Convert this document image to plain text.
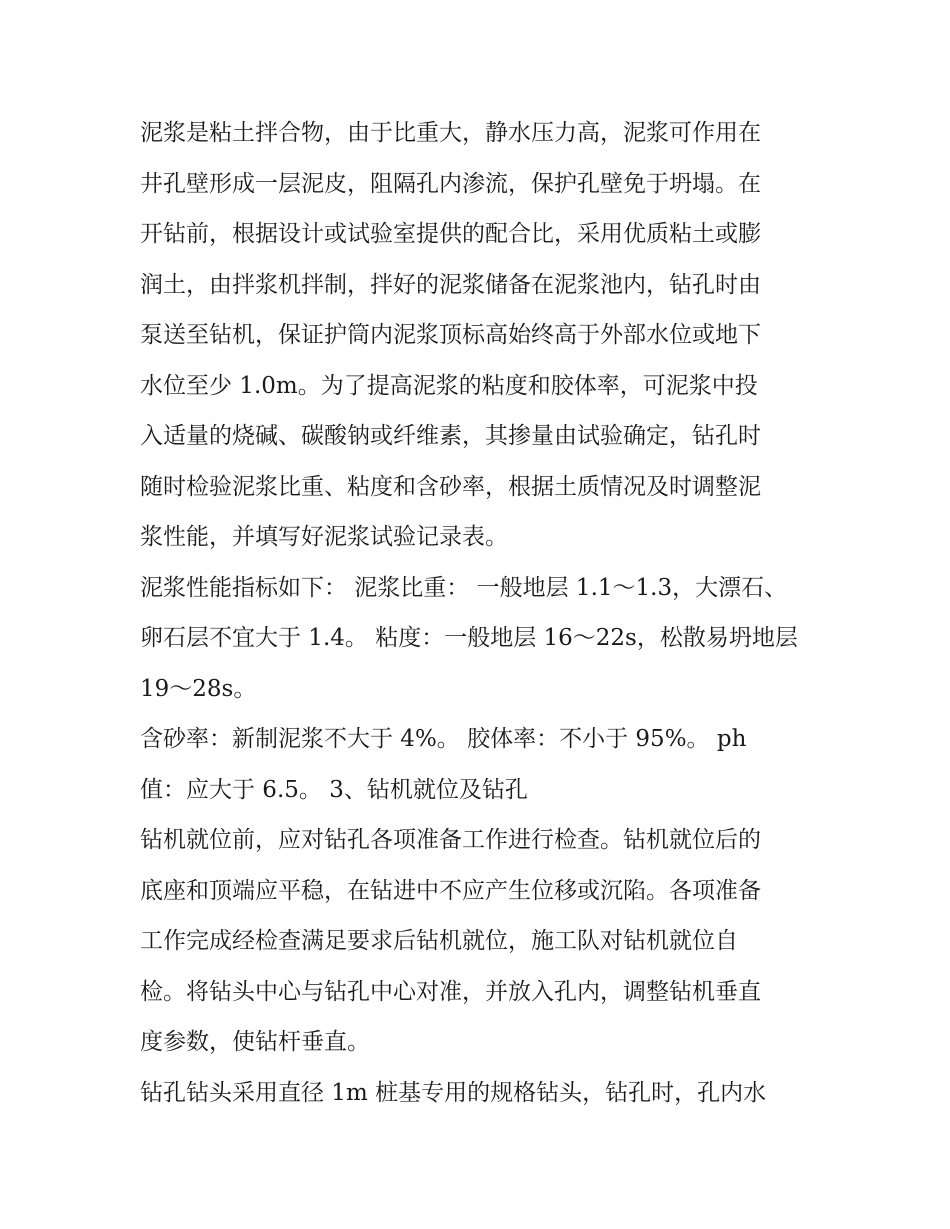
泥浆是粘土拌合物，由于比重大，静水压力高，泥浆可作用在
井孔壁形成一层泥皮，阻隔孔内渗流，保护孔壁免于坍塌。在
开钻前，根据设计或试验室提供的配合比，采用优质粘土或膨
润土，由拌浆机拌制，拌好的泥浆储备在泥浆池内，钻孔时由
泵送至钻机，保证护筒内泥浆顶标高始终高于外部水位或地下
水位至少 1.0m。为了提高泥浆的粘度和胶体率，可泥浆中投
入适量的烧碱、碳酸钠或纤维素，其掺量由试验确定，钻孔时
随时检验泥浆比重、粘度和含砂率，根据土质情况及时调整泥
浆性能，并填写好泥浆试验记录表。
泥浆性能指标如下： 泥浆比重： 一般地层 1.1～1.3，大漂石、
卵石层不宜大于 1.4。 粘度：一般地层 16～22s，松散易坍地层
19～28s。
含砂率：新制泥浆不大于 4%。 胶体率：不小于 95%。 ph
值：应大于 6.5。 3、钻机就位及钻孔
钻机就位前，应对钻孔各项准备工作进行检查。钻机就位后的
底座和顶端应平稳，在钻进中不应产生位移或沉陷。各项准备
工作完成经检查满足要求后钻机就位，施工队对钻机就位自
检。将钻头中心与钻孔中心对准，并放入孔内，调整钻机垂直
度参数，使钻杆垂直。
钻孔钻头采用直径 1m 桩基专用的规格钻头，钻孔时，孔内水
